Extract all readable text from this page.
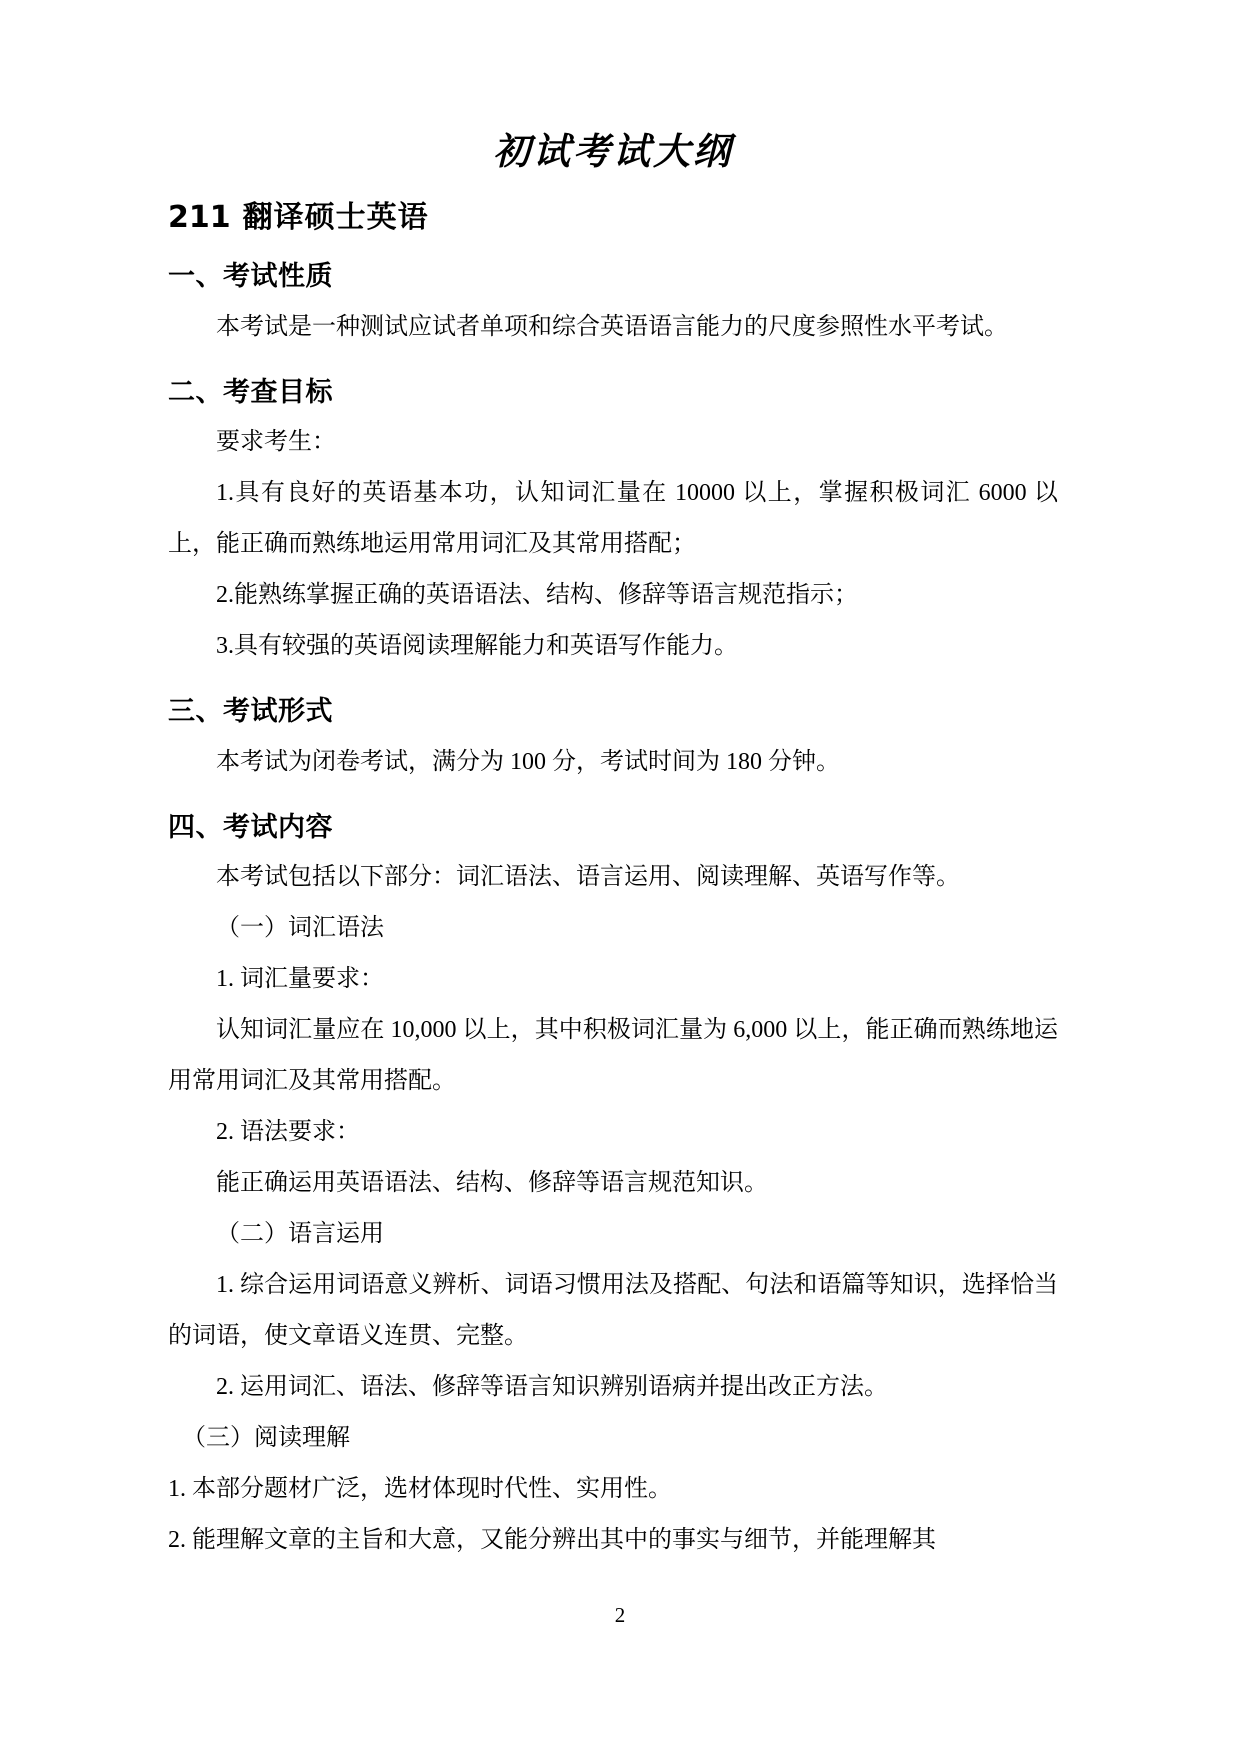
初试考试大纲
211 翻译硕士英语
一、考试性质

本考试是一种测试应试者单项和综合英语语言能力的尺度参照性水平考试。

二、考查目标

要求考生：

1.具有良好的英语基本功，认知词汇量在 10000 以上，掌握积极词汇 6000 以上，能正确而熟练地运用常用词汇及其常用搭配；

2.能熟练掌握正确的英语语法、结构、修辞等语言规范指示；

3.具有较强的英语阅读理解能力和英语写作能力。

三、考试形式

本考试为闭卷考试，满分为 100 分，考试时间为 180 分钟。

四、考试内容

本考试包括以下部分：词汇语法、语言运用、阅读理解、英语写作等。

（一）词汇语法

1. 词汇量要求：

认知词汇量应在 10,000 以上，其中积极词汇量为 6,000 以上，能正确而熟练地运用常用词汇及其常用搭配。

2. 语法要求：

能正确运用英语语法、结构、修辞等语言规范知识。

（二）语言运用

1. 综合运用词语意义辨析、词语习惯用法及搭配、句法和语篇等知识，选择恰当的词语，使文章语义连贯、完整。

2. 运用词汇、语法、修辞等语言知识辨别语病并提出改正方法。

（三）阅读理解

1. 本部分题材广泛，选材体现时代性、实用性。

2. 能理解文章的主旨和大意，又能分辨出其中的事实与细节，并能理解其

2
